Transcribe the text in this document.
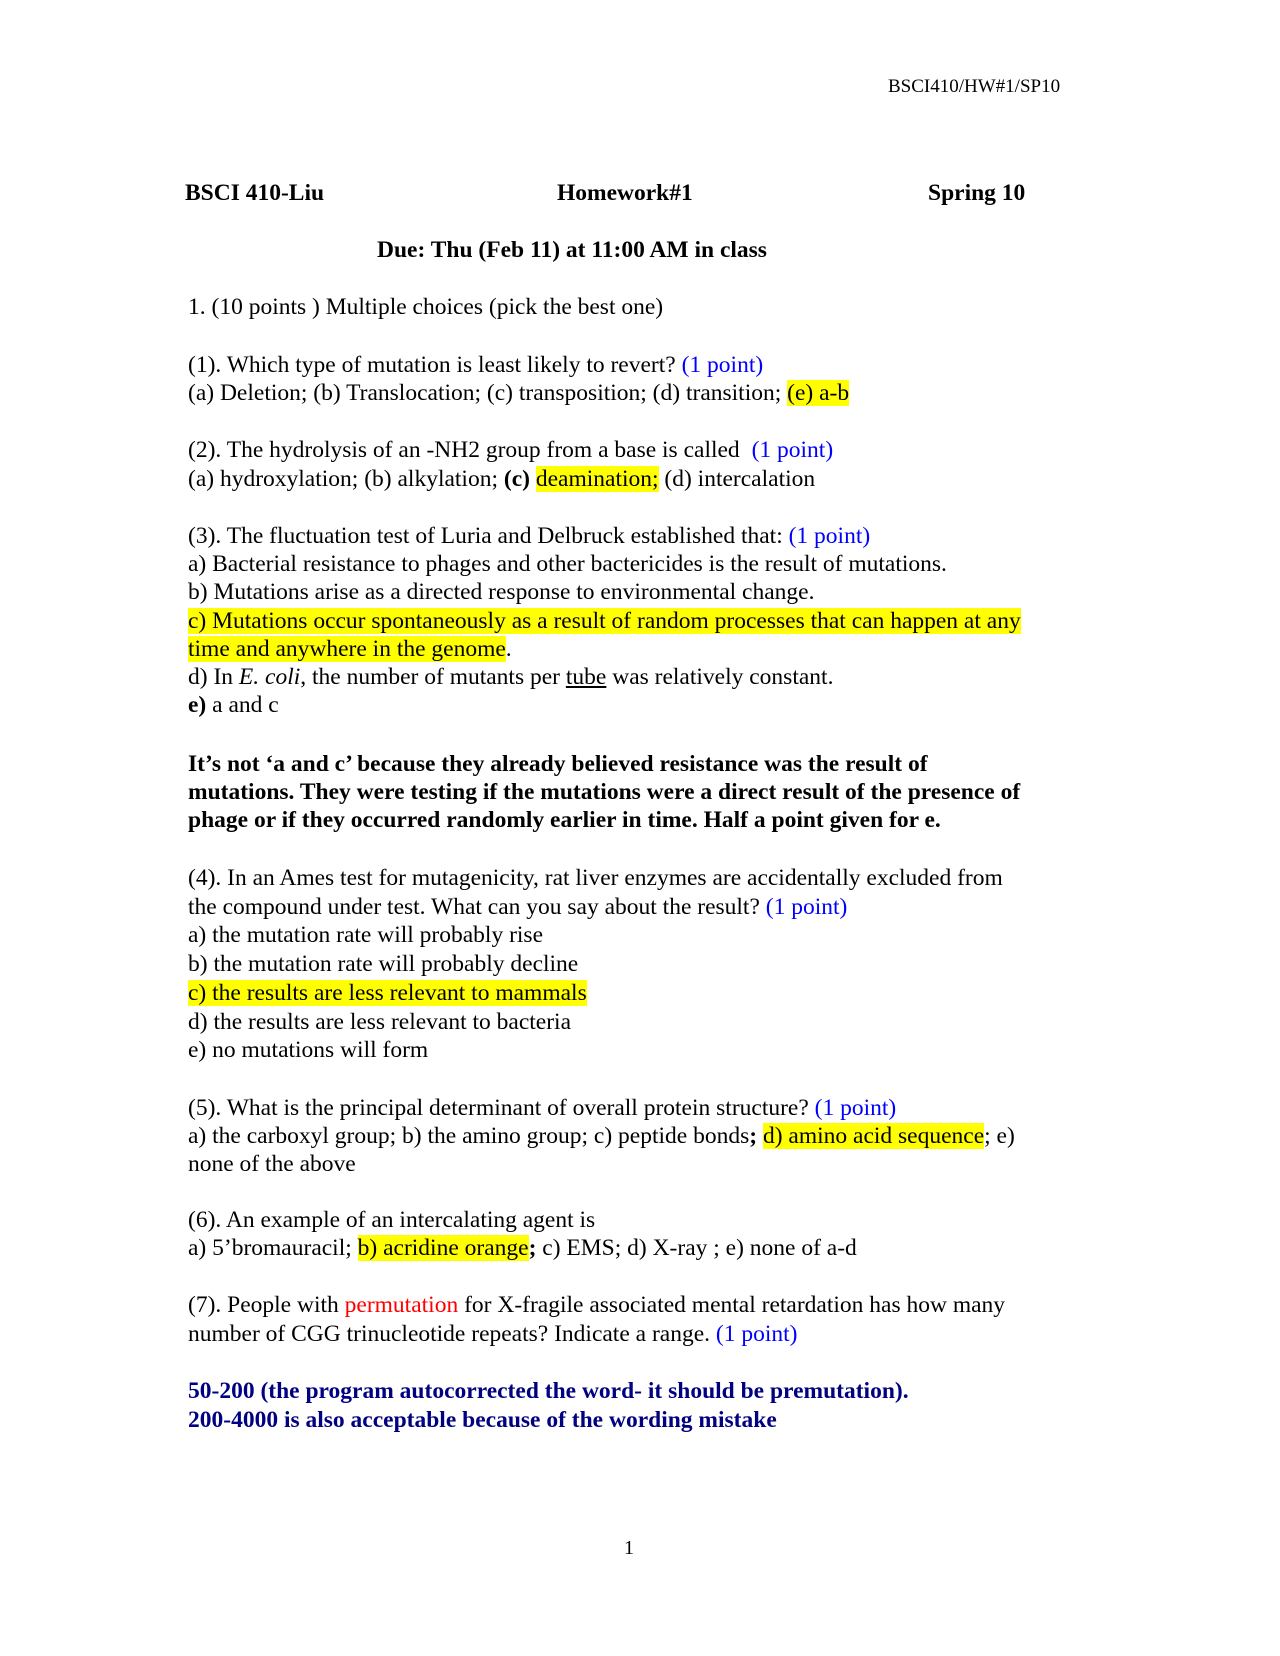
BSCI410/HW#1/SP10
BSCI 410-Liu	Homework#1	Spring 10
Due: Thu (Feb 11) at 11:00 AM in class
1. (10 points ) Multiple choices (pick the best one)
(1). Which type of mutation is least likely to revert? (1 point)
(a) Deletion; (b) Translocation; (c) transposition; (d) transition; (e) a-b
(2). The hydrolysis of an -NH2 group from a base is called (1 point)
(a) hydroxylation; (b) alkylation; (c) deamination; (d) intercalation
(3). The fluctuation test of Luria and Delbruck established that: (1 point)
a) Bacterial resistance to phages and other bactericides is the result of mutations.
b) Mutations arise as a directed response to environmental change.
c) Mutations occur spontaneously as a result of random processes that can happen at any
time and anywhere in the genome.
d) In E. coli, the number of mutants per tube was relatively constant.
e) a and c
It’s not ‘a and c’ because they already believed resistance was the result of
mutations. They were testing if the mutations were a direct result of the presence of
phage or if they occurred randomly earlier in time. Half a point given for e.
(4). In an Ames test for mutagenicity, rat liver enzymes are accidentally excluded from
the compound under test. What can you say about the result? (1 point)
a) the mutation rate will probably rise
b) the mutation rate will probably decline
c) the results are less relevant to mammals
d) the results are less relevant to bacteria
e) no mutations will form
(5). What is the principal determinant of overall protein structure? (1 point)
a) the carboxyl group; b) the amino group; c) peptide bonds; d) amino acid sequence; e)
none of the above
(6). An example of an intercalating agent is
a) 5’bromauracil; b) acridine orange; c) EMS; d) X-ray ; e) none of a-d
(7). People with permutation for X-fragile associated mental retardation has how many
number of CGG trinucleotide repeats? Indicate a range. (1 point)
50-200 (the program autocorrected the word- it should be premutation).
200-4000 is also acceptable because of the wording mistake
1
